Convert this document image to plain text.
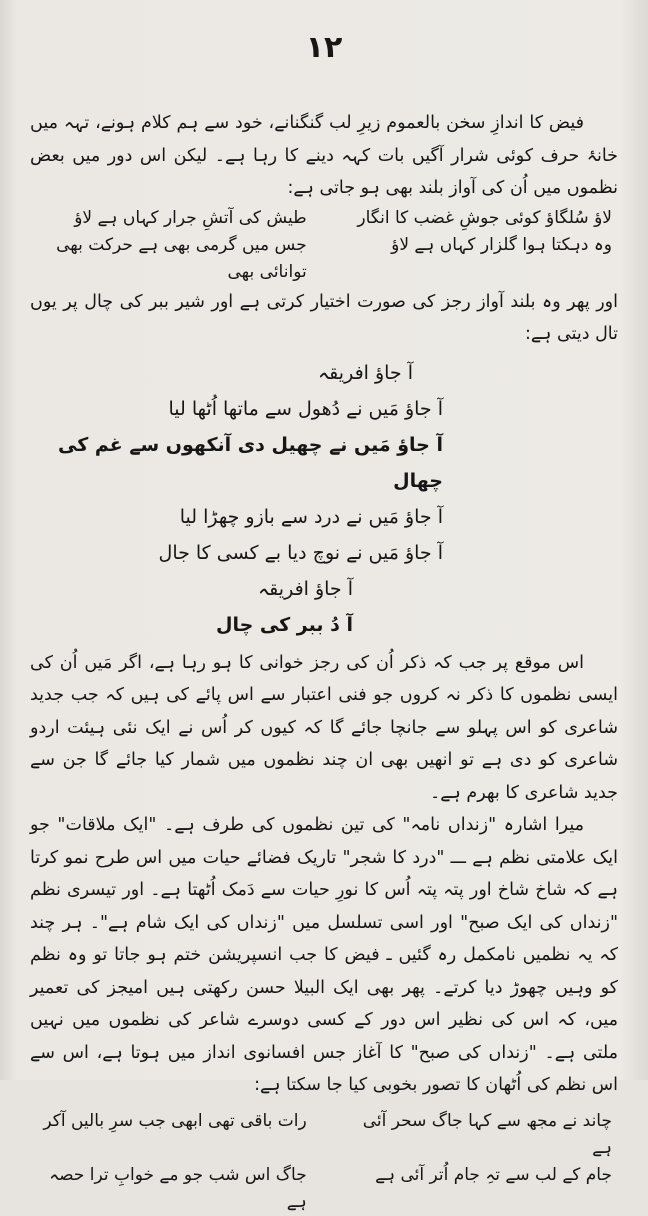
۱۲

فیض کا اندازِ سخن بالعموم زیرِ لب گنگنانے، خود سے ہم کلام ہونے، تہہ میں خانۂ حرف کوئی شرار آگیں بات کہہ دینے کا رہا ہے۔ لیکن اس دور میں بعض نظموں میں اُن کی آواز بلند بھی ہو جاتی ہے:

لاؤ سُلگاؤ کوئی جوشِ غضب کا انگار
طیش کی آتشِ جرار کہاں ہے لاؤ
وہ دہکتا ہوا گلزار کہاں ہے لاؤ
جس میں گرمی بھی ہے حرکت بھی توانائی بھی

اور پھر وہ بلند آواز رجز کی صورت اختیار کرتی ہے اور شیر ببر کی چال پر یوں تال دیتی ہے:

آ جاؤ افریقہ

آ جاؤ مَیں نے دُھول سے ماتھا اُٹھا لیا

آ جاؤ مَیں نے چھیل دی آنکھوں سے غم کی چھال

آ جاؤ مَیں نے درد سے بازو چھڑا لیا

آ جاؤ مَیں نے نوچ دیا بے کسی کا جال

آ جاؤ افریقہ

آ دُ ببر کی چال

اس موقع پر جب کہ ذکر اُن کی رجز خوانی کا ہو رہا ہے، اگر مَیں اُن کی ایسی نظموں کا ذکر نہ کروں جو فنی اعتبار سے اس پائے کی ہیں کہ جب جدید شاعری کو اس پہلو سے جانچا جائے گا کہ کیوں کر اُس نے ایک نئی ہیئت اردو شاعری کو دی ہے تو انھیں بھی ان چند نظموں میں شمار کیا جائے گا جن سے جدید شاعری کا بھرم ہے۔

میرا اشارہ "زنداں نامہ" کی تین نظموں کی طرف ہے۔ "ایک ملاقات" جو ایک علامتی نظم ہے ـــ "درد کا شجر" تاریک فضائے حیات میں اس طرح نمو کرتا ہے کہ شاخ شاخ اور پتہ پتہ اُس کا نورِ حیات سے دَمک اُٹھتا ہے۔ اور تیسری نظم "زنداں کی ایک صبح" اور اسی تسلسل میں "زنداں کی ایک شام ہے"۔ ہر چند کہ یہ نظمیں نامکمل رہ گئیں ـ فیض کا جب انسپریشن ختم ہو جاتا تو وہ نظم کو وہیں چھوڑ دیا کرتے۔ پھر بھی ایک البیلا حسن رکھتی ہیں امیجز کی تعمیر میں، کہ اس کی نظیر اس دور کے کسی دوسرے شاعر کی نظموں میں نہیں ملتی ہے۔ "زنداں کی صبح" کا آغاز جس افسانوی انداز میں ہوتا ہے، اس سے اس نظم کی اُٹھان کا تصور بخوبی کیا جا سکتا ہے:

چاند نے مجھ سے کہا جاگ سحر آئی ہے
رات باقی تھی ابھی جب سرِ بالیں آکر
جام کے لب سے تہِ جام اُتر آئی ہے
جاگ اس شب جو مے خوابِ ترا حصہ ہے
